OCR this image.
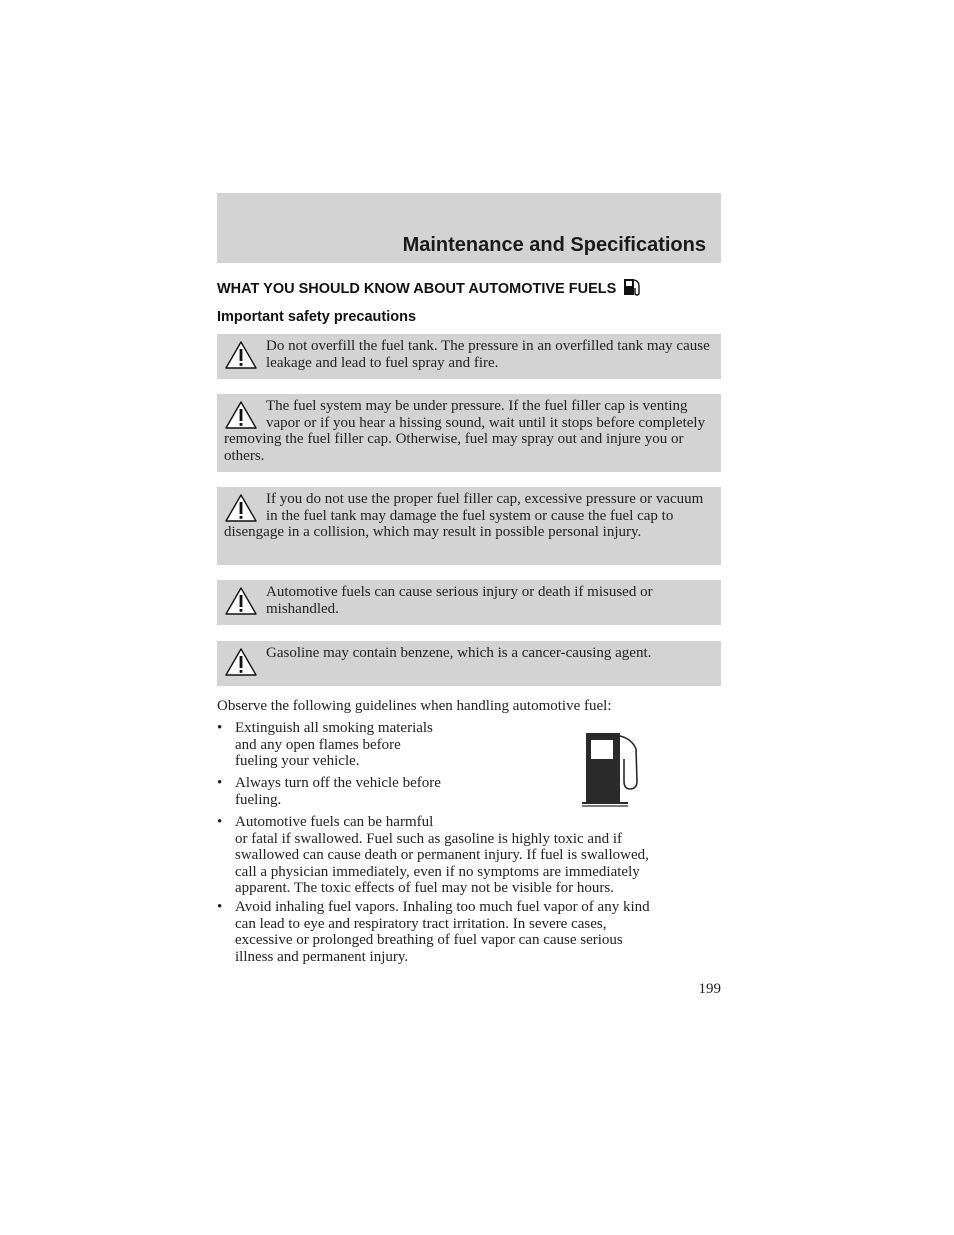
Maintenance and Specifications
WHAT YOU SHOULD KNOW ABOUT AUTOMOTIVE FUELS
Important safety precautions

Do not overfill the fuel tank. The pressure in an overfilled tank may cause leakage and lead to fuel spray and fire.

The fuel system may be under pressure. If the fuel filler cap is venting vapor or if you hear a hissing sound, wait until it stops before completely removing the fuel filler cap. Otherwise, fuel may spray out and injure you or others.

If you do not use the proper fuel filler cap, excessive pressure or vacuum in the fuel tank may damage the fuel system or cause the fuel cap to disengage in a collision, which may result in possible personal injury.

Automotive fuels can cause serious injury or death if misused or mishandled.

Gasoline may contain benzene, which is a cancer-causing agent.

Observe the following guidelines when handling automotive fuel:

• Extinguish all smoking materials
and any open flames before
fueling your vehicle.
• Always turn off the vehicle before
fueling.
• Automotive fuels can be harmful
or fatal if swallowed. Fuel such as gasoline is highly toxic and if
swallowed can cause death or permanent injury. If fuel is swallowed,
call a physician immediately, even if no symptoms are immediately
apparent. The toxic effects of fuel may not be visible for hours.
• Avoid inhaling fuel vapors. Inhaling too much fuel vapor of any kind
can lead to eye and respiratory tract irritation. In severe cases,
excessive or prolonged breathing of fuel vapor can cause serious
illness and permanent injury.

199
